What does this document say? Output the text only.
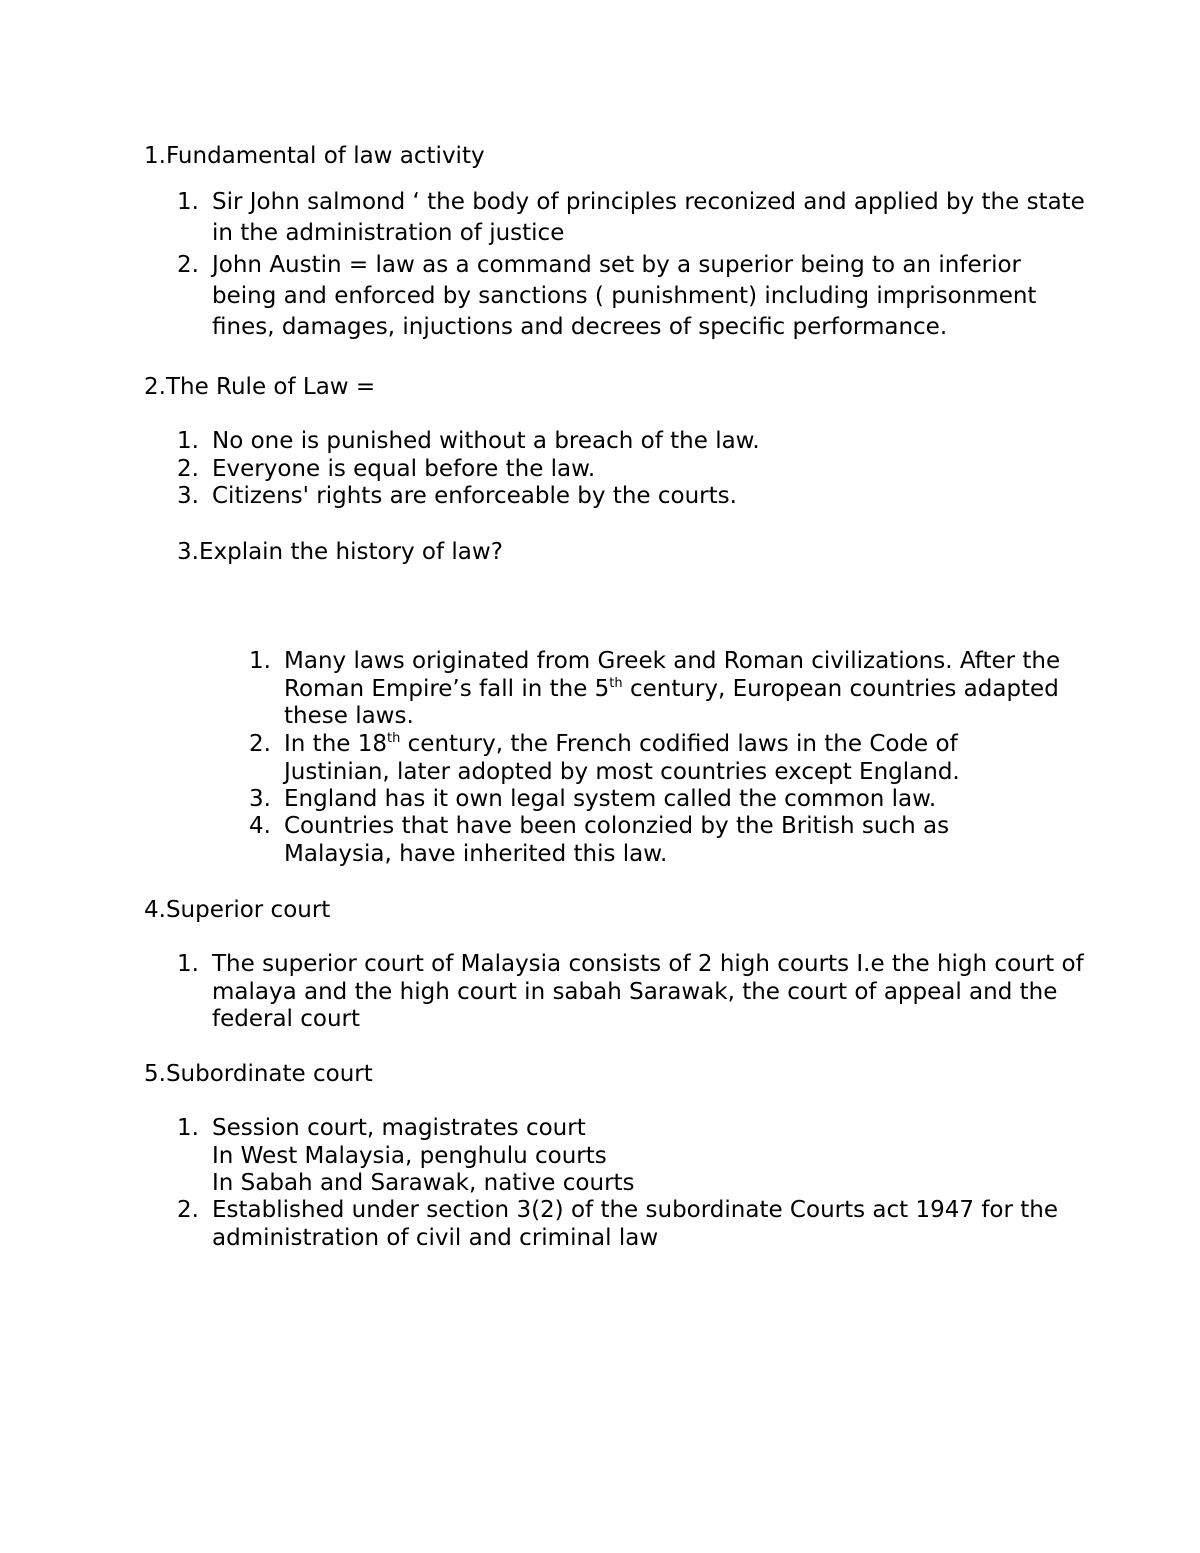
1.Fundamental of law activity
1. Sir John salmond ‘ the body of principles reconized and applied by the state in the administration of justice
2. John Austin = law as a command set by a superior being to an inferior being and enforced by sanctions ( punishment) including imprisonment fines, damages, injuctions and decrees of specific performance.
2.The Rule of Law =
1. No one is punished without a breach of the law.
2. Everyone is equal before the law.
3. Citizens' rights are enforceable by the courts.
3.Explain the history of law?
1. Many laws originated from Greek and Roman civilizations. After the Roman Empire’s fall in the 5th century, European countries adapted these laws.
2. In the 18th century, the French codified laws in the Code of Justinian, later adopted by most countries except England.
3. England has it own legal system called the common law.
4. Countries that have been colonzied by the British such as Malaysia, have inherited this law.
4.Superior court
1. The superior court of Malaysia consists of 2 high courts I.e the high court of malaya and the high court in sabah Sarawak, the court of appeal and the federal court
5.Subordinate court
1. Session court, magistrates court
In West Malaysia, penghulu courts
In Sabah and Sarawak, native courts
2. Established under section 3(2) of the subordinate Courts act 1947 for the administration of civil and criminal law
